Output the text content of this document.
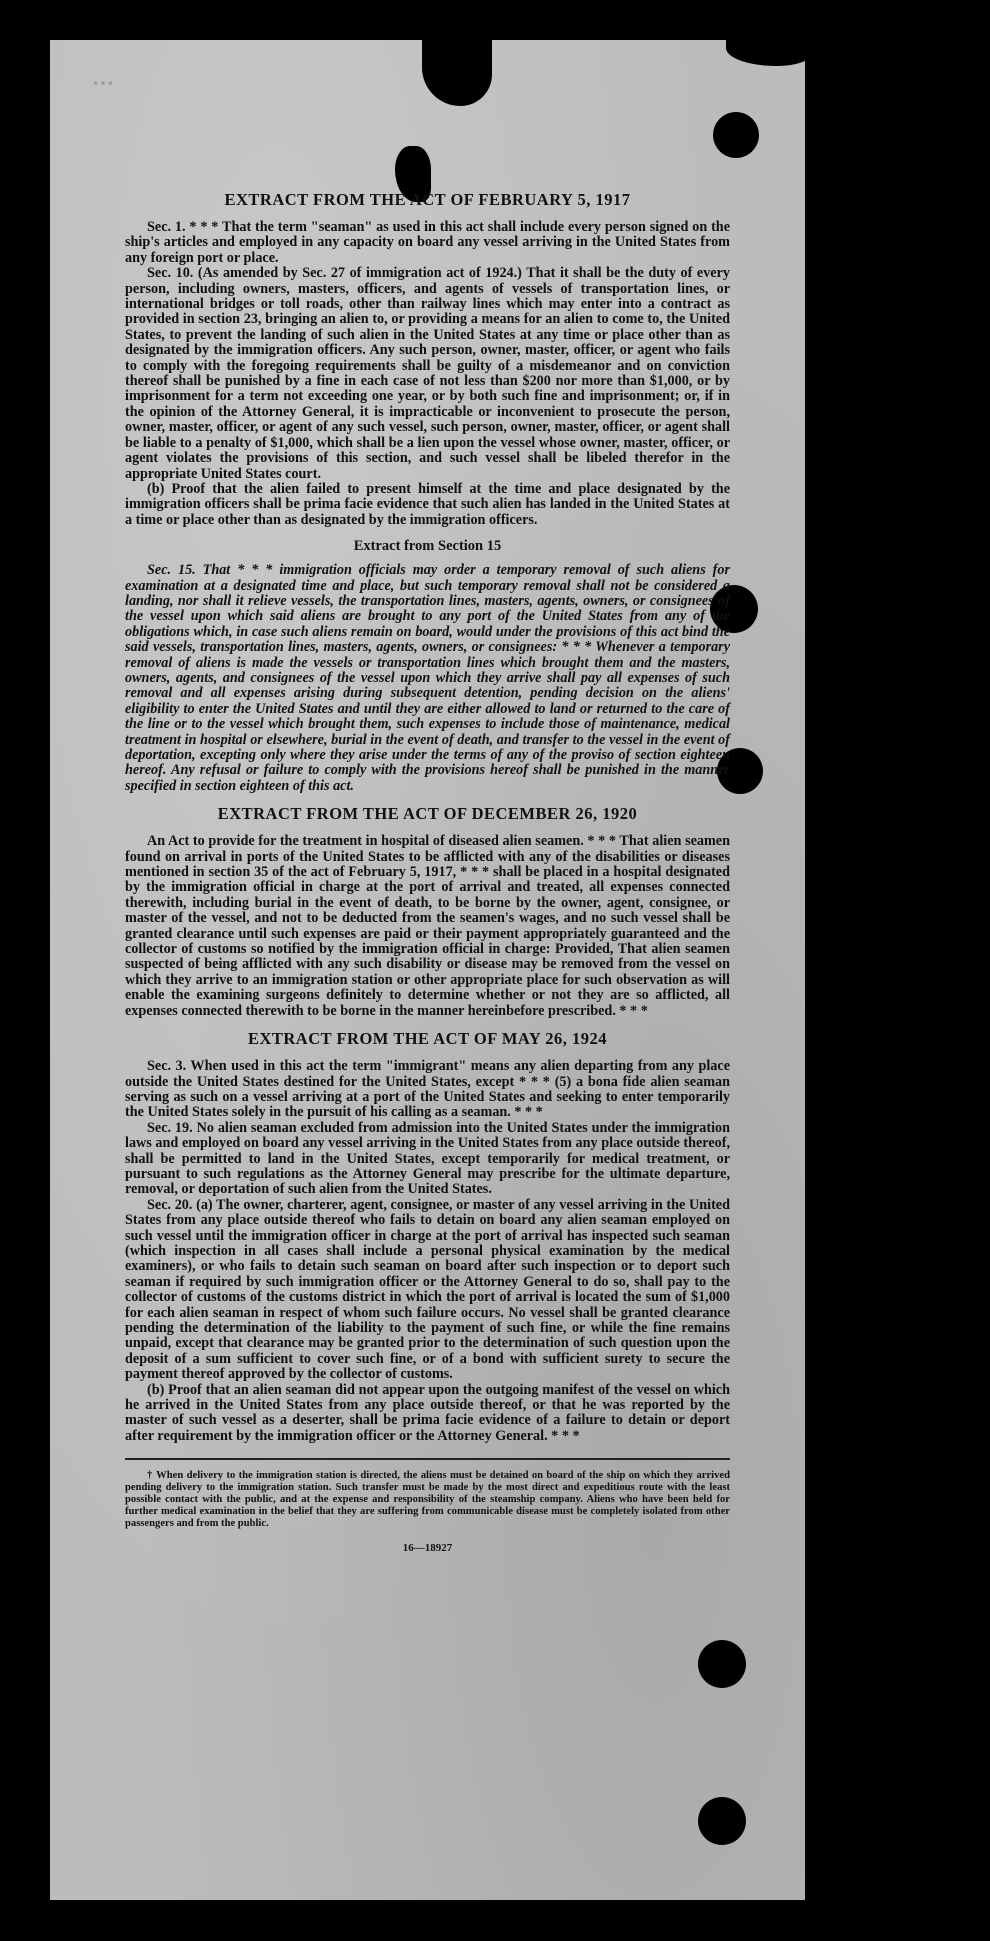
⋯
EXTRACT FROM THE ACT OF FEBRUARY 5, 1917

Sec. 1. * * * That the term "seaman" as used in this act shall include every person signed on the ship's articles and employed in any capacity on board any vessel arriving in the United States from any foreign port or place.

Sec. 10. (As amended by Sec. 27 of immigration act of 1924.) That it shall be the duty of every person, including owners, masters, officers, and agents of vessels of transportation lines, or international bridges or toll roads, other than railway lines which may enter into a contract as provided in section 23, bringing an alien to, or providing a means for an alien to come to, the United States, to prevent the landing of such alien in the United States at any time or place other than as designated by the immigration officers. Any such person, owner, master, officer, or agent who fails to comply with the foregoing requirements shall be guilty of a misdemeanor and on conviction thereof shall be punished by a fine in each case of not less than $200 nor more than $1,000, or by imprisonment for a term not exceeding one year, or by both such fine and imprisonment; or, if in the opinion of the Attorney General, it is impracticable or inconvenient to prosecute the person, owner, master, officer, or agent of any such vessel, such person, owner, master, officer, or agent shall be liable to a penalty of $1,000, which shall be a lien upon the vessel whose owner, master, officer, or agent violates the provisions of this section, and such vessel shall be libeled therefor in the appropriate United States court.

(b) Proof that the alien failed to present himself at the time and place designated by the immigration officers shall be prima facie evidence that such alien has landed in the United States at a time or place other than as designated by the immigration officers.

Extract from Section 15

Sec. 15. That * * * immigration officials may order a temporary removal of such aliens for examination at a designated time and place, but such temporary removal shall not be considered a landing, nor shall it relieve vessels, the transportation lines, masters, agents, owners, or consignees of the vessel upon which said aliens are brought to any port of the United States from any of the obligations which, in case such aliens remain on board, would under the provisions of this act bind the said vessels, transportation lines, masters, agents, owners, or consignees: * * * Whenever a temporary removal of aliens is made the vessels or transportation lines which brought them and the masters, owners, agents, and consignees of the vessel upon which they arrive shall pay all expenses of such removal and all expenses arising during subsequent detention, pending decision on the aliens' eligibility to enter the United States and until they are either allowed to land or returned to the care of the line or to the vessel which brought them, such expenses to include those of maintenance, medical treatment in hospital or elsewhere, burial in the event of death, and transfer to the vessel in the event of deportation, excepting only where they arise under the terms of any of the proviso of section eighteen hereof. Any refusal or failure to comply with the provisions hereof shall be punished in the manner specified in section eighteen of this act.

EXTRACT FROM THE ACT OF DECEMBER 26, 1920

An Act to provide for the treatment in hospital of diseased alien seamen. * * * That alien seamen found on arrival in ports of the United States to be afflicted with any of the disabilities or diseases mentioned in section 35 of the act of February 5, 1917, * * * shall be placed in a hospital designated by the immigration official in charge at the port of arrival and treated, all expenses connected therewith, including burial in the event of death, to be borne by the owner, agent, consignee, or master of the vessel, and not to be deducted from the seamen's wages, and no such vessel shall be granted clearance until such expenses are paid or their payment appropriately guaranteed and the collector of customs so notified by the immigration official in charge: Provided, That alien seamen suspected of being afflicted with any such disability or disease may be removed from the vessel on which they arrive to an immigration station or other appropriate place for such observation as will enable the examining surgeons definitely to determine whether or not they are so afflicted, all expenses connected therewith to be borne in the manner hereinbefore prescribed. * * *

EXTRACT FROM THE ACT OF MAY 26, 1924

Sec. 3. When used in this act the term "immigrant" means any alien departing from any place outside the United States destined for the United States, except * * * (5) a bona fide alien seaman serving as such on a vessel arriving at a port of the United States and seeking to enter temporarily the United States solely in the pursuit of his calling as a seaman. * * *

Sec. 19. No alien seaman excluded from admission into the United States under the immigration laws and employed on board any vessel arriving in the United States from any place outside thereof, shall be permitted to land in the United States, except temporarily for medical treatment, or pursuant to such regulations as the Attorney General may prescribe for the ultimate departure, removal, or deportation of such alien from the United States.

Sec. 20. (a) The owner, charterer, agent, consignee, or master of any vessel arriving in the United States from any place outside thereof who fails to detain on board any alien seaman employed on such vessel until the immigration officer in charge at the port of arrival has inspected such seaman (which inspection in all cases shall include a personal physical examination by the medical examiners), or who fails to detain such seaman on board after such inspection or to deport such seaman if required by such immigration officer or the Attorney General to do so, shall pay to the collector of customs of the customs district in which the port of arrival is located the sum of $1,000 for each alien seaman in respect of whom such failure occurs. No vessel shall be granted clearance pending the determination of the liability to the payment of such fine, or while the fine remains unpaid, except that clearance may be granted prior to the determination of such question upon the deposit of a sum sufficient to cover such fine, or of a bond with sufficient surety to secure the payment thereof approved by the collector of customs.

(b) Proof that an alien seaman did not appear upon the outgoing manifest of the vessel on which he arrived in the United States from any place outside thereof, or that he was reported by the master of such vessel as a deserter, shall be prima facie evidence of a failure to detain or deport after requirement by the immigration officer or the Attorney General. * * *

† When delivery to the immigration station is directed, the aliens must be detained on board of the ship on which they arrived pending delivery to the immigration station. Such transfer must be made by the most direct and expeditious route with the least possible contact with the public, and at the expense and responsibility of the steamship company. Aliens who have been held for further medical examination in the belief that they are suffering from communicable disease must be completely isolated from other passengers and from the public.
16—18927
